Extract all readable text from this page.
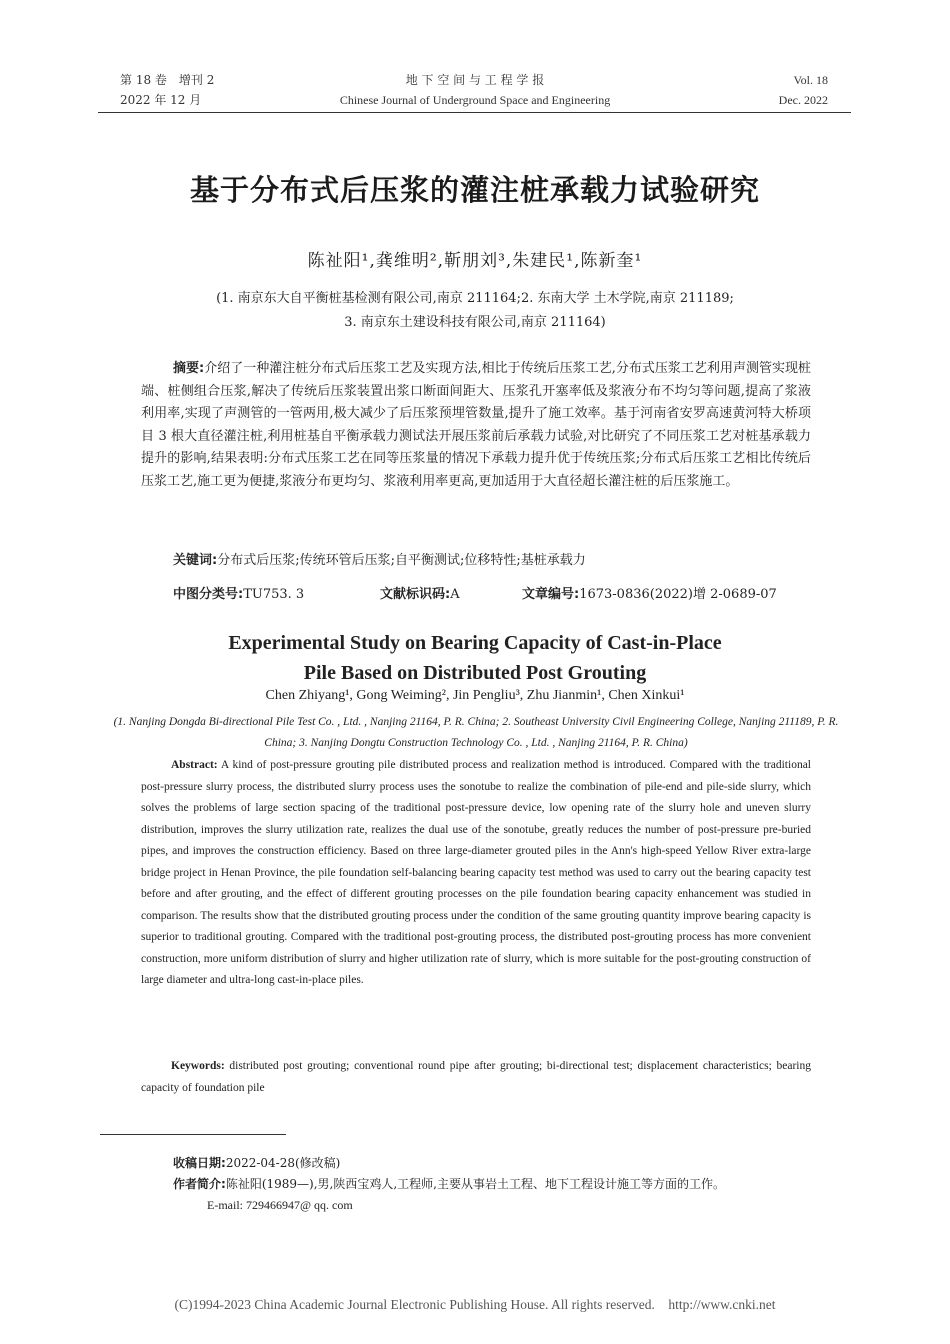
第 18 卷　增刊 2
2022 年 12 月
地 下 空 间 与 工 程 学 报
Chinese Journal of Underground Space and Engineering
Vol. 18
Dec. 2022
基于分布式后压浆的灌注桩承载力试验研究
陈祉阳¹,龚维明²,靳朋刘³,朱建民¹,陈新奎¹
(1. 南京东大自平衡桩基检测有限公司,南京 211164;2. 东南大学 土木学院,南京 211189;
3. 南京东土建设科技有限公司,南京 211164)
摘要:介绍了一种灌注桩分布式后压浆工艺及实现方法,相比于传统后压浆工艺,分布式压浆工艺利用声测管实现桩端、桩侧组合压浆,解决了传统后压浆装置出浆口断面间距大、压浆孔开塞率低及浆液分布不均匀等问题,提高了浆液利用率,实现了声测管的一管两用,极大减少了后压浆预埋管数量,提升了施工效率。基于河南省安罗高速黄河特大桥项目 3 根大直径灌注桩,利用桩基自平衡承载力测试法开展压浆前后承载力试验,对比研究了不同压浆工艺对桩基承载力提升的影响,结果表明:分布式压浆工艺在同等压浆量的情况下承载力提升优于传统压浆;分布式后压浆工艺相比传统后压浆工艺,施工更为便捷,浆液分布更均匀、浆液利用率更高,更加适用于大直径超长灌注桩的后压浆施工。
关键词:分布式后压浆;传统环管后压浆;自平衡测试;位移特性;基桩承载力
中图分类号:TU753. 3	文献标识码:A	文章编号:1673-0836(2022)增 2-0689-07
Experimental Study on Bearing Capacity of Cast-in-Place
Pile Based on Distributed Post Grouting
Chen Zhiyang¹, Gong Weiming², Jin Pengliu³, Zhu Jianmin¹, Chen Xinkui¹
(1. Nanjing Dongda Bi-directional Pile Test Co. , Ltd. , Nanjing 21164, P. R. China; 2. Southeast University Civil Engineering College, Nanjing 211189, P. R. China; 3. Nanjing Dongtu Construction Technology Co. , Ltd. , Nanjing 21164, P. R. China)
Abstract: A kind of post-pressure grouting pile distributed process and realization method is introduced. Compared with the traditional post-pressure slurry process, the distributed slurry process uses the sonotube to realize the combination of pile-end and pile-side slurry, which solves the problems of large section spacing of the traditional post-pressure device, low opening rate of the slurry hole and uneven slurry distribution, improves the slurry utilization rate, realizes the dual use of the sonotube, greatly reduces the number of post-pressure pre-buried pipes, and improves the construction efficiency. Based on three large-diameter grouted piles in the Ann's high-speed Yellow River extra-large bridge project in Henan Province, the pile foundation self-balancing bearing capacity test method was used to carry out the bearing capacity test before and after grouting, and the effect of different grouting processes on the pile foundation bearing capacity enhancement was studied in comparison. The results show that the distributed grouting process under the condition of the same grouting quantity improve bearing capacity is superior to traditional grouting. Compared with the traditional post-grouting process, the distributed post-grouting process has more convenient construction, more uniform distribution of slurry and higher utilization rate of slurry, which is more suitable for the post-grouting construction of large diameter and ultra-long cast-in-place piles.
Keywords: distributed post grouting; conventional round pipe after grouting; bi-directional test; displacement characteristics; bearing capacity of foundation pile
收稿日期:2022-04-28(修改稿)
作者简介:陈祉阳(1989—),男,陕西宝鸡人,工程师,主要从事岩土工程、地下工程设计施工等方面的工作。
E-mail: 729466947@ qq. com
(C)1994-2023 China Academic Journal Electronic Publishing House. All rights reserved.    http://www.cnki.net
